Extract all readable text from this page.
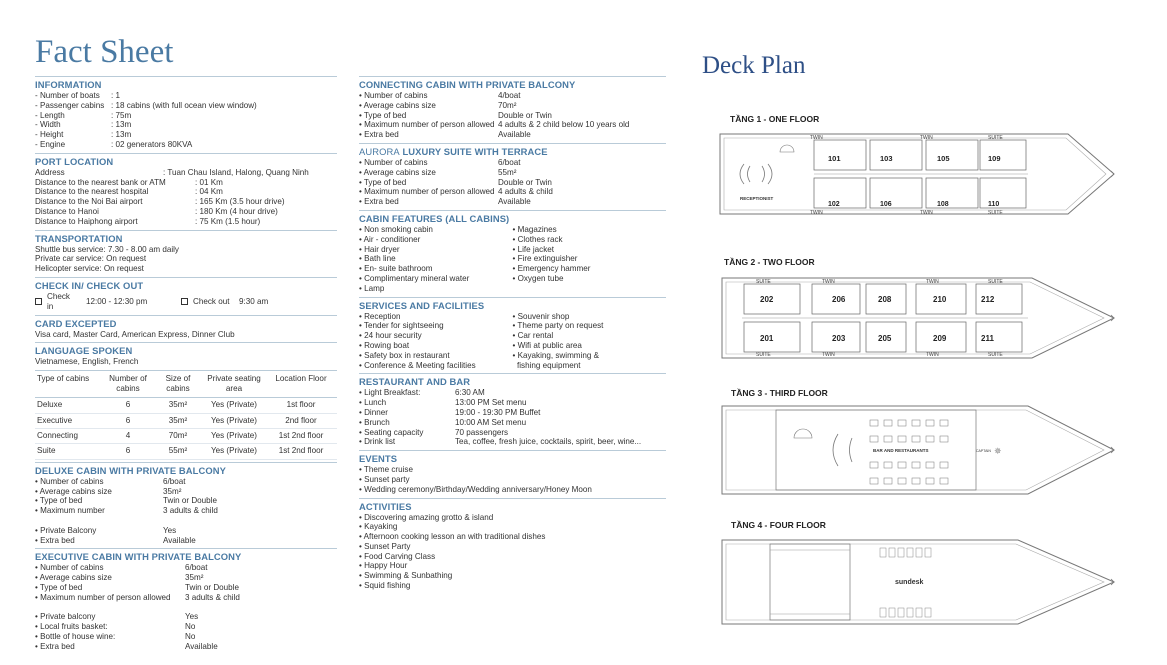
Fact Sheet	Deck Plan
INFORMATION
- Number of boats	: 1
- Passenger cabins : 18 cabins (with full ocean view window)
- Length	: 75m
- Width	: 13m
- Height	: 13m
- Engine	: 02 generators 80KVA
PORT LOCATION
Address	: Tuan Chau Island, Halong, Quang Ninh
Distance to the nearest bank or ATM	: 01 Km
Distance to the nearest hospital	: 04 Km
Distance to the Noi Bai airport	: 165 Km (3.5 hour drive)
Distance to Hanoi	: 180 Km (4 hour drive)
Distance to Haiphong airport	: 75 Km (1.5 hour)
TRANSPORTATION
Shuttle bus service: 7.30 - 8.00 am daily
Private car service: On request
Helicopter service: On request
CHECK IN/ CHECK OUT
Check in
12:00 - 12:30 pm	Check out	9:30 am
CARD EXCEPTED
Visa card, Master Card, American Express, Dinner Club
LANGUAGE SPOKEN
Vietnamese, English, French
Type of cabins	Number of cabins	Size of cabins	Private seating area	Location Floor
Deluxe	6	35m²	Yes (Private)	1st floor
Executive	6	35m²	Yes (Private)	2nd floor
Connecting	4	70m²	Yes (Private)	1st 2nd floor
Suite	6	55m²	Yes (Private)	1st 2nd floor
DELUXE CABIN WITH PRIVATE BALCONY
• Number of cabins	6/boat
• Average cabins size	35m²
• Type of bed	Twin or Double
• Maximum number	3 adults & child
• Private Balcony	Yes
• Extra bed	Available
EXECUTIVE CABIN WITH PRIVATE BALCONY
• Number of cabins	6/boat
• Average cabins size	35m²
• Type of bed	Twin or Double
• Maximum number of person allowed	3 adults & child
• Private balcony	Yes
• Local fruits basket:	No
• Bottle of house wine:	No
• Extra bed	Available
CONNECTING CABIN WITH PRIVATE BALCONY
• Number of cabins	4/boat
• Average cabins size	70m²
• Type of bed	Double or Twin
• Maximum number of person allowed 4 adults & 2 child below 10 years old
• Extra bed	Available
AURORA LUXURY SUITE WITH TERRACE
• Number of cabins	6/boat
• Average cabins size	55m²
• Type of bed	Double or Twin
• Maximum number of person allowed 4 adults & child
• Extra bed	Available
CABIN FEATURES (ALL CABINS)
• Non smoking cabin
• Air - conditioner
• Hair dryer
• Bath line
• En- suite bathroom
• Complimentary mineral water
• Lamp
• Magazines
• Clothes rack
• Life jacket
• Fire extinguisher
• Emergency hammer
• Oxygen tube
SERVICES AND FACILITIES
• Reception
• Tender for sightseeing
• 24 hour security
• Rowing boat
• Safety box in restaurant
• Conference & Meeting facilities
• Souvenir shop
• Theme party on request
• Car rental
• Wifi at public area
• Kayaking, swimming &
fishing equipment
RESTAURANT AND BAR
• Light Breakfast:	6:30 AM
• Lunch	13:00 PM Set menu
• Dinner	19:00 - 19:30 PM Buffet
• Brunch	10:00 AM Set menu
• Seating capacity	70 passengers
• Drink list	Tea, coffee, fresh juice, cocktails, spirit, beer, wine...
EVENTS
• Theme cruise
• Sunset party
• Wedding ceremony/Birthday/Wedding anniversary/Honey Moon
ACTIVITIES
• Discovering amazing grotto & island
• Kayaking
• Afternoon cooking lesson an with traditional dishes
• Sunset Party
• Food Carving Class
• Happy Hour
• Swimming & Sunbathing
• Squid fishing
TẦNG 1 - ONE FLOOR
101	103	105	109
102	106	108	110
TWIN	TWIN	SUITE
TWIN	TWIN	SUITE
RECEPTIONIST
TẦNG 2 - TWO FLOOR
202	206	208	210	212
201	203	205	209	211
SUITE	TWIN	TWIN	SUITE
SUITE	TWIN	TWIN	SUITE
TẦNG 3 - THIRD FLOOR
BAR AND RESTAURANTS	CAPTAIN ✵
TẦNG 4 - FOUR FLOOR
sundesk
